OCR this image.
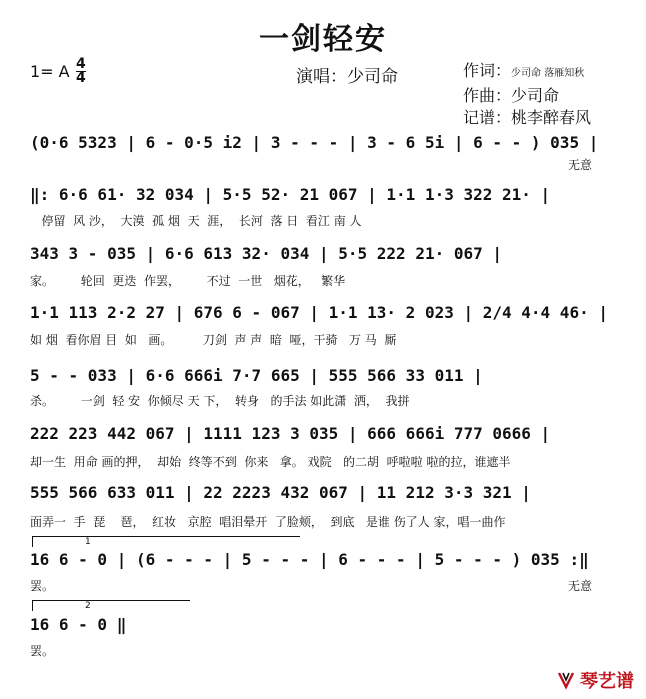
一剑轻安
1= A 4
4	演唱：少司命	作词：少司命 落雁知秋
作曲：少司命
记谱：桃李醉春风
(0·6 5323 | 6 - 0·5 i2 | 3 - - - | 3 - 6 5i | 6 - - ) 035 |
无意
‖: 6·6 61· 32 034 | 5·5 52· 21 067 | 1·1 1·3 322 21· |
停留  风 沙，  大漠  孤 烟  天  涯，  长河  落 日  看江 南 人
343 3 - 035 | 6·6 613 32· 034 | 5·5 222 21· 067 |
家。       轮回  更迭  作罢，       不过  一世   烟花，   繁华
1·1 113 2·2 27 | 676 6 - 067 | 1·1 13· 2 023 | 2/4 4·4 46· |
如 烟  看你眉 目  如   画。        刀剑  声 声  暗  哑，干骑   万 马  厮
5 - - 033 | 6·6 666i 7·7 665 | 555 566 33 011 |
杀。       一剑  轻 安  你倾尽 天 下，  转身   的手法 如此潇  洒，  我拼
222 223 442 067 | 1111 123 3 035 | 666 666i 777 0666 |
却一生  用命 画的押，  却始  终等不到  你来   拿。 戏院   的二胡  呼啦啦 啦的拉，谁遮半
555 566 633 011 | 22 2223 432 067 | 11 212 3·3 321 |
面弄一  手  琵    琶，  红妆   京腔  唱泪晕开  了脸颊，  到底   是谁 伤了人 家，唱一曲作
1
16 6 - 0 | (6 - - - | 5 - - - | 6 - - - | 5 - - - ) 035 :‖
罢。	无意
2
16 6 - 0 ‖
罢。
琴艺谱
